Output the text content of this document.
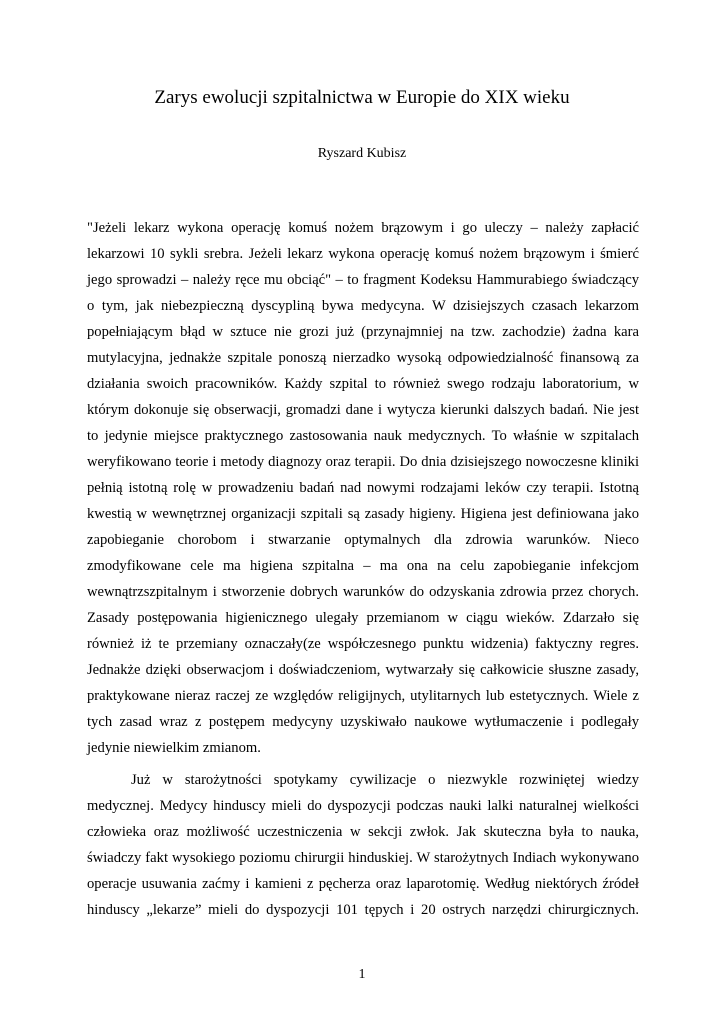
Zarys ewolucji szpitalnictwa w Europie do XIX wieku
Ryszard Kubisz
"Jeżeli lekarz wykona operację komuś nożem brązowym i go uleczy – należy zapłacić
lekarzowi 10 sykli srebra. Jeżeli lekarz wykona operację komuś nożem brązowym i śmierć
jego sprowadzi – należy ręce mu obciąć" – to fragment Kodeksu Hammurabiego świadczący
o tym, jak niebezpieczną dyscypliną bywa medycyna. W dzisiejszych czasach lekarzom
popełniającym błąd w sztuce nie grozi już (przynajmniej na tzw. zachodzie) żadna kara
mutylacyjna, jednakże szpitale ponoszą nierzadko wysoką odpowiedzialność finansową za
działania swoich pracowników. Każdy szpital to również swego rodzaju laboratorium, w
którym dokonuje się obserwacji, gromadzi dane i wytycza kierunki dalszych badań. Nie jest
to jedynie miejsce praktycznego zastosowania nauk medycznych. To właśnie w szpitalach
weryfikowano teorie i metody diagnozy oraz terapii. Do dnia dzisiejszego nowoczesne kliniki
pełnią istotną rolę w prowadzeniu badań nad nowymi rodzajami leków czy terapii. Istotną
kwestią w wewnętrznej organizacji szpitali są zasady higieny. Higiena jest definiowana jako
zapobieganie chorobom i stwarzanie optymalnych dla zdrowia warunków. Nieco
zmodyfikowane cele ma higiena szpitalna – ma ona na celu zapobieganie infekcjom
wewnątrzszpitalnym i stworzenie dobrych warunków do odzyskania zdrowia przez chorych.
Zasady postępowania higienicznego ulegały przemianom w ciągu wieków. Zdarzało się
również iż te przemiany oznaczały(ze współczesnego punktu widzenia) faktyczny regres.
Jednakże dzięki obserwacjom i doświadczeniom, wytwarzały się całkowicie słuszne zasady,
praktykowane nieraz raczej ze względów religijnych, utylitarnych lub estetycznych. Wiele z
tych zasad wraz z postępem medycyny uzyskiwało naukowe wytłumaczenie i podlegały
jedynie niewielkim zmianom.
Już w starożytności spotykamy cywilizacje o niezwykle rozwiniętej wiedzy
medycznej. Medycy hinduscy mieli do dyspozycji podczas nauki lalki naturalnej wielkości
człowieka oraz możliwość uczestniczenia w sekcji zwłok. Jak skuteczna była to nauka,
świadczy fakt wysokiego poziomu chirurgii hinduskiej. W starożytnych Indiach wykonywano
operacje usuwania zaćmy i kamieni z pęcherza oraz laparotomię. Według niektórych źródeł
hinduscy „lekarze” mieli do dyspozycji 101 tępych i 20 ostrych narzędzi chirurgicznych.
1
